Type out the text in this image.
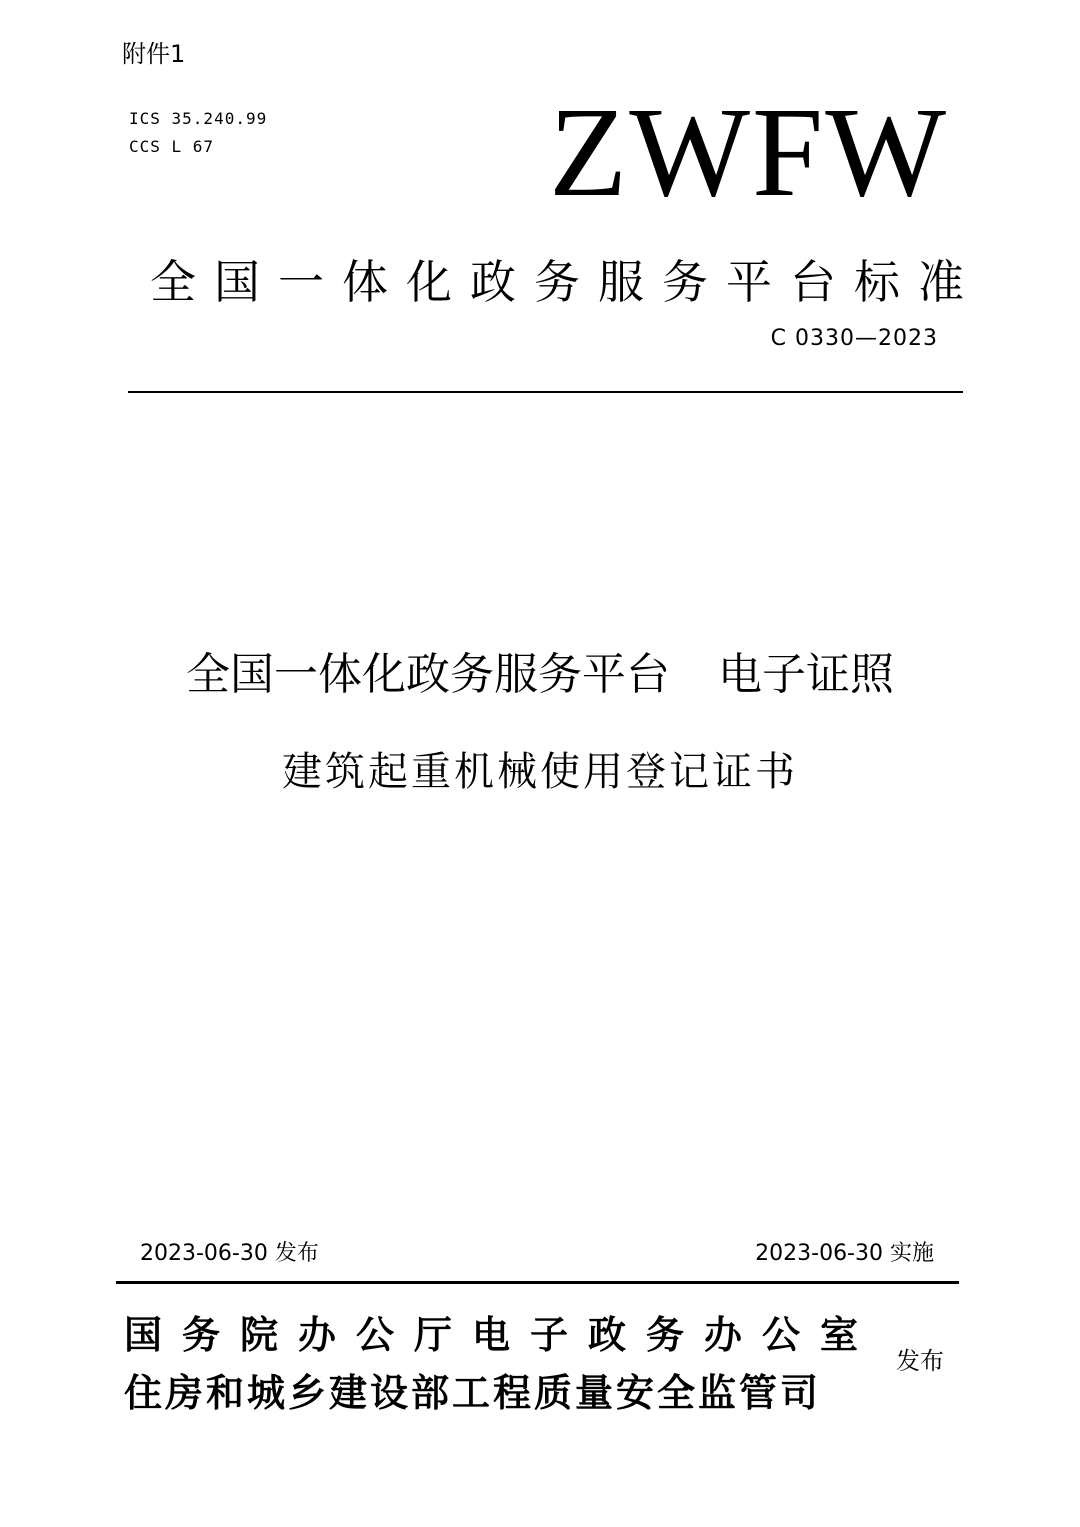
附件1
ICS 35.240.99
CCS L 67	ZWFW
全国一体化政务服务平台标准
C 0330—2023
全国一体化政务服务平台 电子证照
建筑起重机械使用登记证书
2023-06-30 发布	2023-06-30 实施
国务院办公厅电子政务办公室
住房和城乡建设部工程质量安全监管司
发布
